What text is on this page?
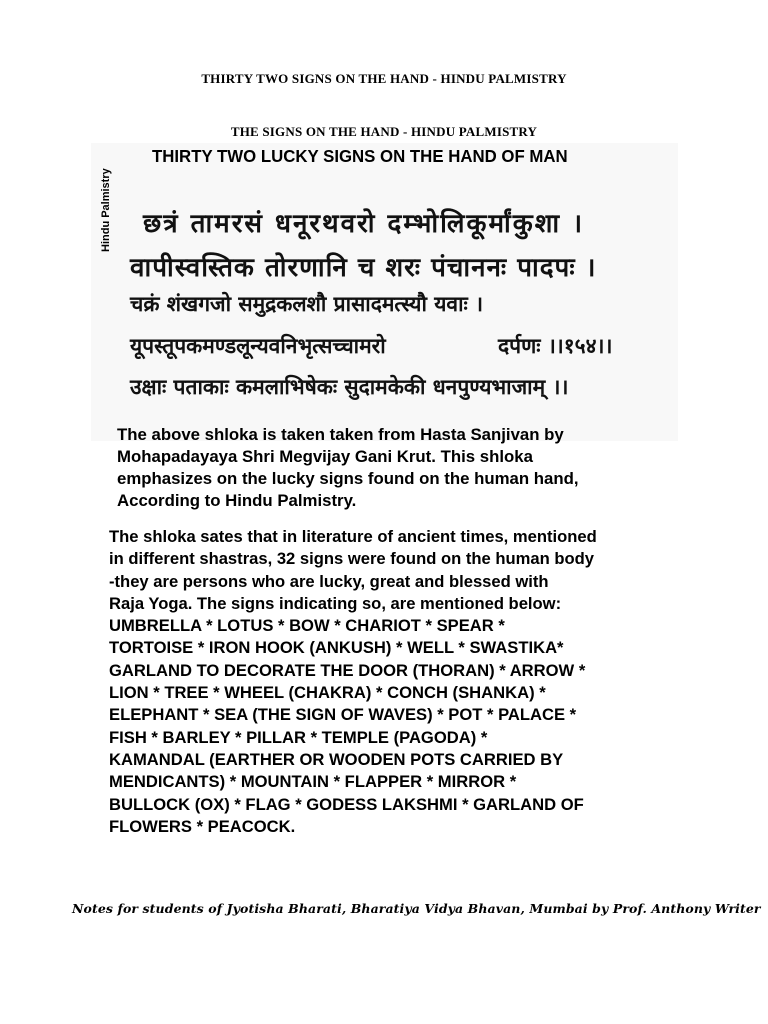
THIRTY TWO SIGNS ON THE HAND - HINDU PALMISTRY
THE SIGNS ON THE HAND - HINDU PALMISTRY
Hindu Palmistry
THIRTY TWO LUCKY SIGNS ON THE HAND OF MAN
छत्रं तामरसं धनूरथवरो दम्भोलिकूर्मांकुशा ।
वापीस्वस्तिक तोरणानि च शरः पंचाननः पादपः ।
चक्रं शंखगजो समुद्रकलशौ प्रासादमत्स्यौ यवाः ।
यूपस्तूपकमण्डलून्यवनिभृत्सच्चामरो	दर्पणः ।।१५४।।
उक्षाः पताकाः कमलाभिषेकः सुदामकेकी धनपुण्यभाजाम् ।।
The above shloka is taken taken from Hasta Sanjivan by
Mohapadayaya Shri Megvijay Gani Krut. This shloka
emphasizes on the lucky signs found on the human hand,
According to Hindu Palmistry.
The shloka sates that in literature of ancient times, mentioned
in different shastras, 32 signs were found on the human body
-they are persons who are lucky, great and blessed with
Raja Yoga. The signs indicating so, are mentioned below:
UMBRELLA * LOTUS * BOW * CHARIOT * SPEAR *
TORTOISE * IRON HOOK (ANKUSH) * WELL * SWASTIKA*
GARLAND TO DECORATE THE DOOR (THORAN) * ARROW *
LION * TREE * WHEEL (CHAKRA) * CONCH (SHANKA) *
ELEPHANT * SEA (THE SIGN OF WAVES) * POT * PALACE *
FISH * BARLEY * PILLAR * TEMPLE (PAGODA) *
KAMANDAL (EARTHER OR WOODEN POTS CARRIED BY
MENDICANTS) * MOUNTAIN * FLAPPER * MIRROR *
BULLOCK (OX) * FLAG * GODESS LAKSHMI * GARLAND OF
FLOWERS * PEACOCK.
Notes for students of Jyotisha Bharati, Bharatiya Vidya Bhavan, Mumbai by Prof. Anthony Writer
